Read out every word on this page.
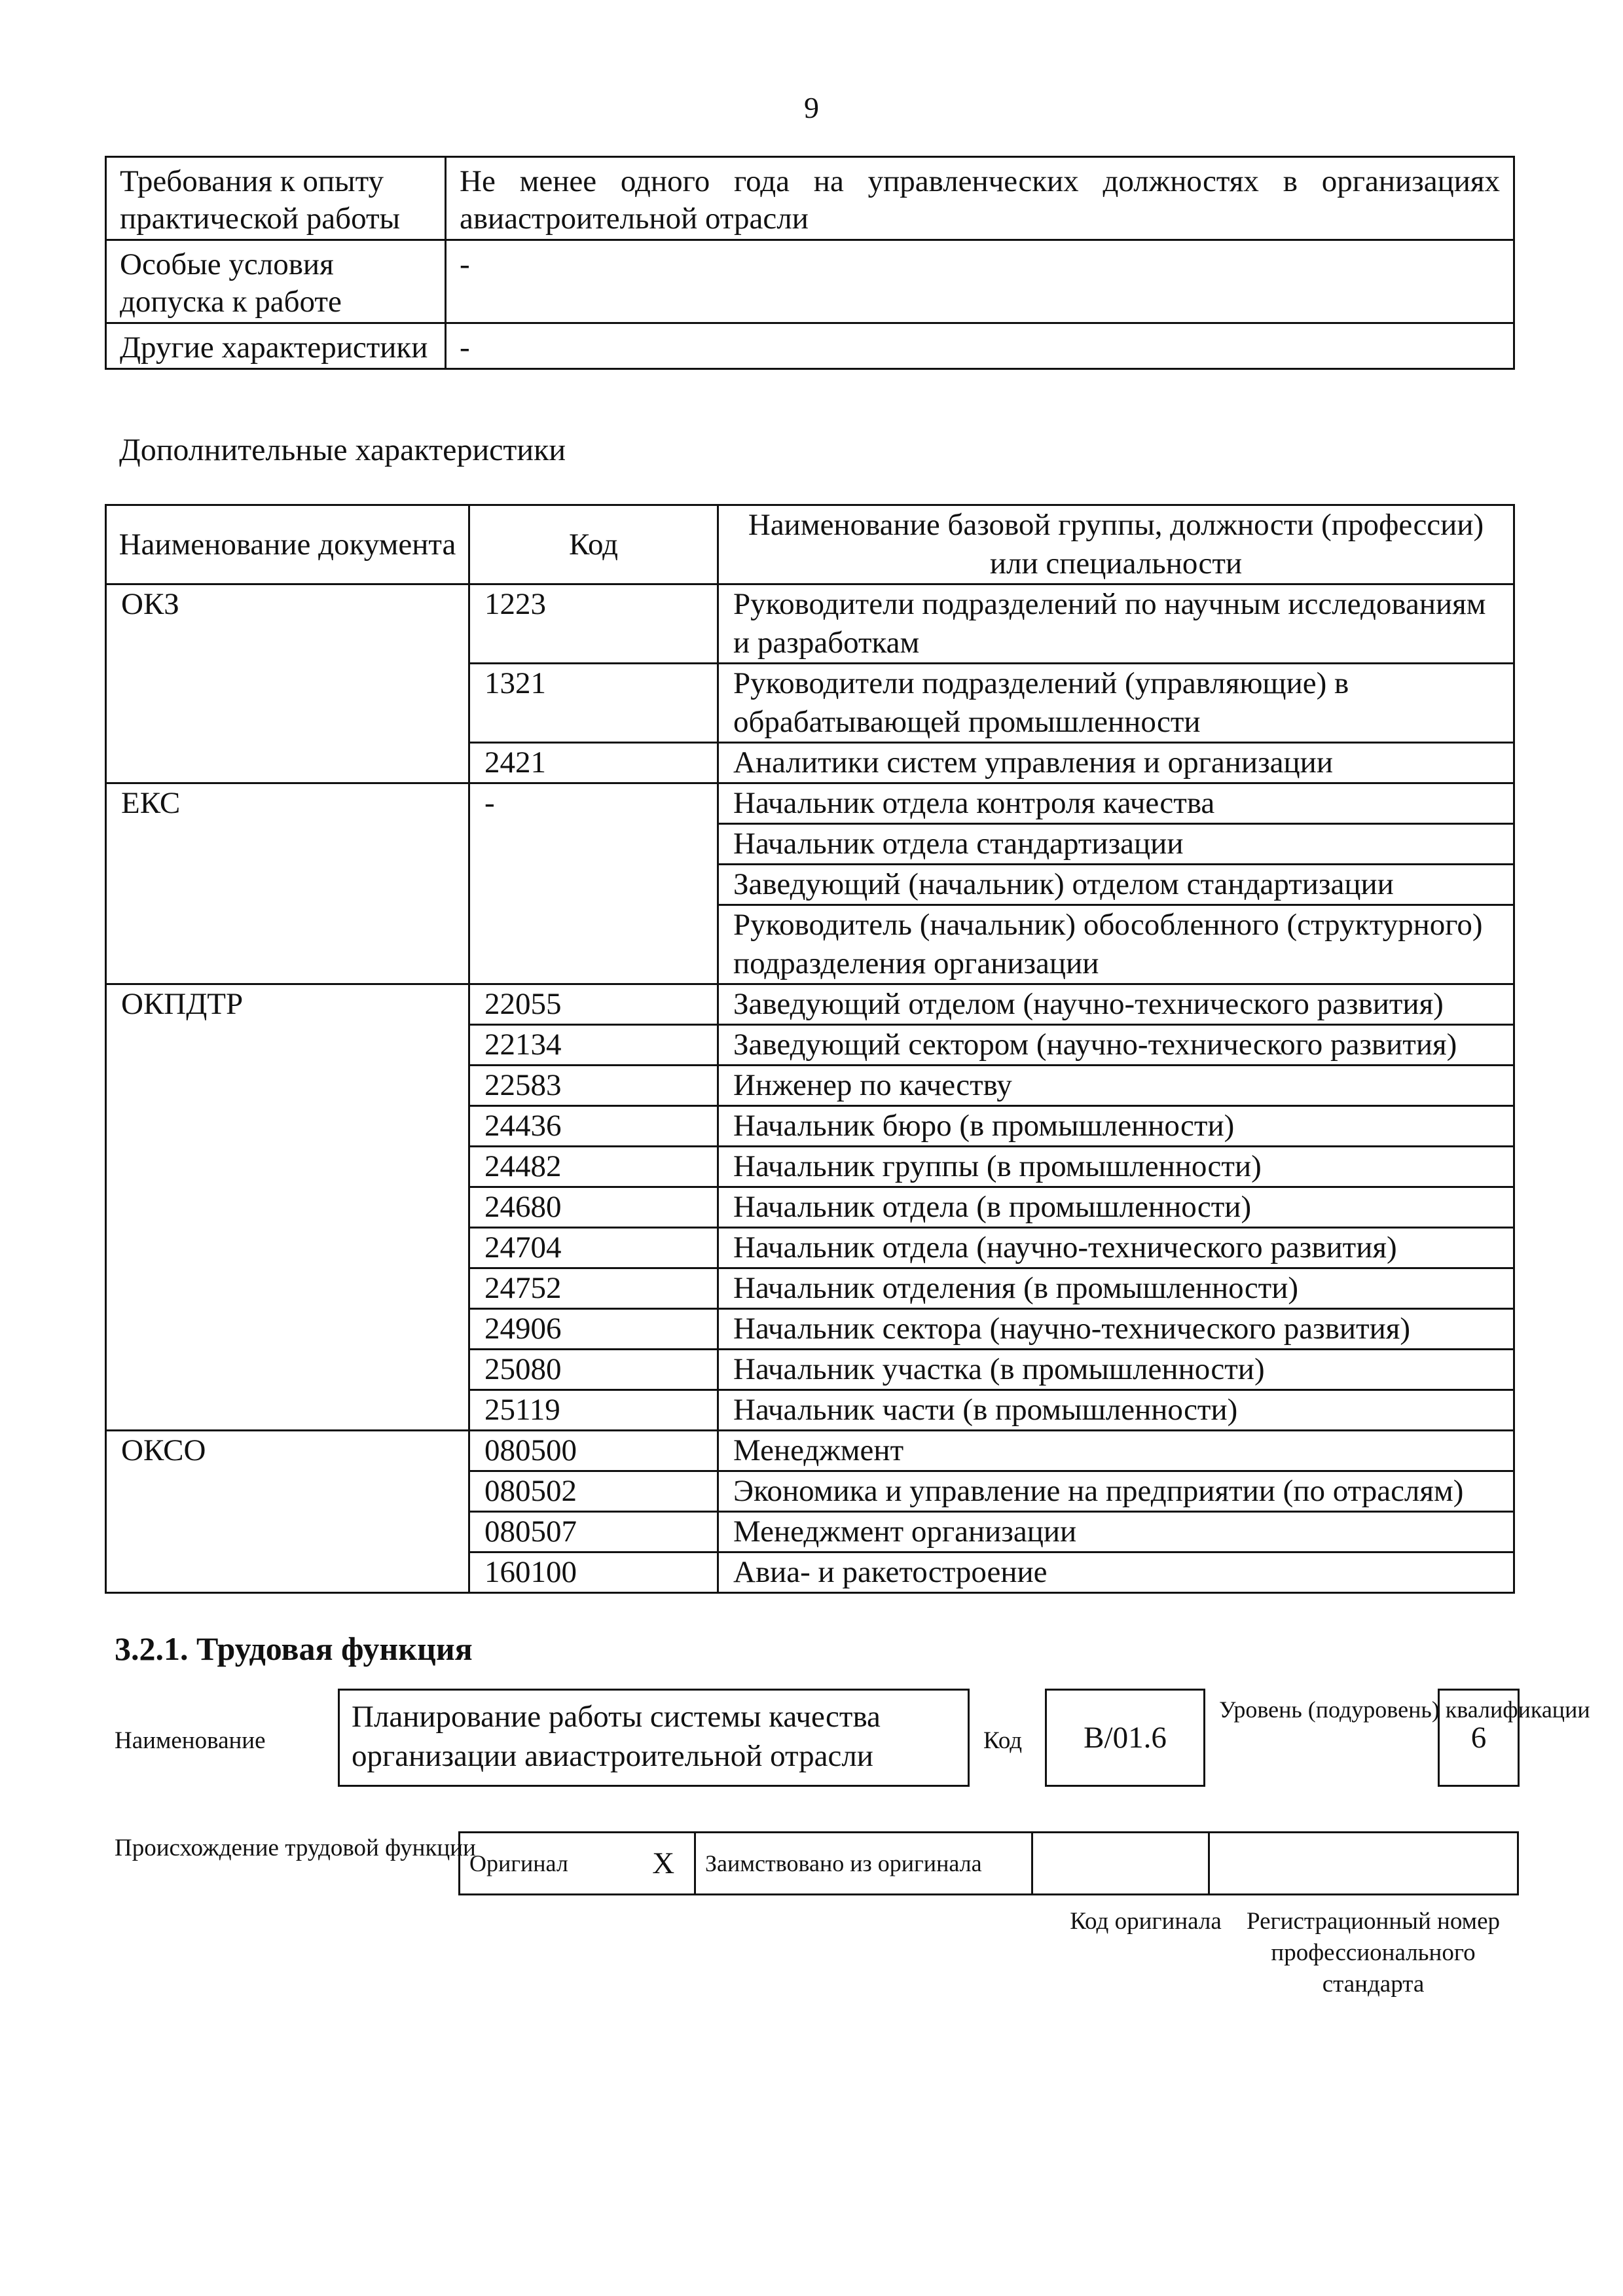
9
Требования к опыту практической работы	Не менее одного года на управленческих должностях в организациях авиастроительной отрасли
Особые условия допуска к работе	-
Другие характеристики	-
Дополнительные характеристики
Наименование документа	Код	Наименование базовой группы, должности (профессии) или специальности
ОКЗ	1223	Руководители подразделений по научным исследованиям и разработкам
	1321	Руководители подразделений (управляющие) в обрабатывающей промышленности
	2421	Аналитики систем управления и организации
ЕКС	-	Начальник отдела контроля качества
		Начальник отдела стандартизации
		Заведующий (начальник) отделом стандартизации
		Руководитель (начальник) обособленного (структурного) подразделения организации
ОКПДТР	22055	Заведующий отделом (научно-технического развития)
	22134	Заведующий сектором (научно-технического развития)
	22583	Инженер по качеству
	24436	Начальник бюро (в промышленности)
	24482	Начальник группы (в промышленности)
	24680	Начальник отдела (в промышленности)
	24704	Начальник отдела (научно-технического развития)
	24752	Начальник отделения (в промышленности)
	24906	Начальник сектора (научно-технического развития)
	25080	Начальник участка (в промышленности)
	25119	Начальник части (в промышленности)
ОКСО	080500	Менеджмент
	080502	Экономика и управление на предприятии (по отраслям)
	080507	Менеджмент организации
	160100	Авиа- и ракетостроение
3.2.1. Трудовая функция
Наименование
Планирование работы системы качества организации авиастроительной отрасли	Код	B/01.6
Уровень (подуровень) квалификации
6
Происхождение трудовой функции
Оригинал	X	Заимствовано из оригинала		
Код оригинала	Регистрационный номер профессионального стандарта
